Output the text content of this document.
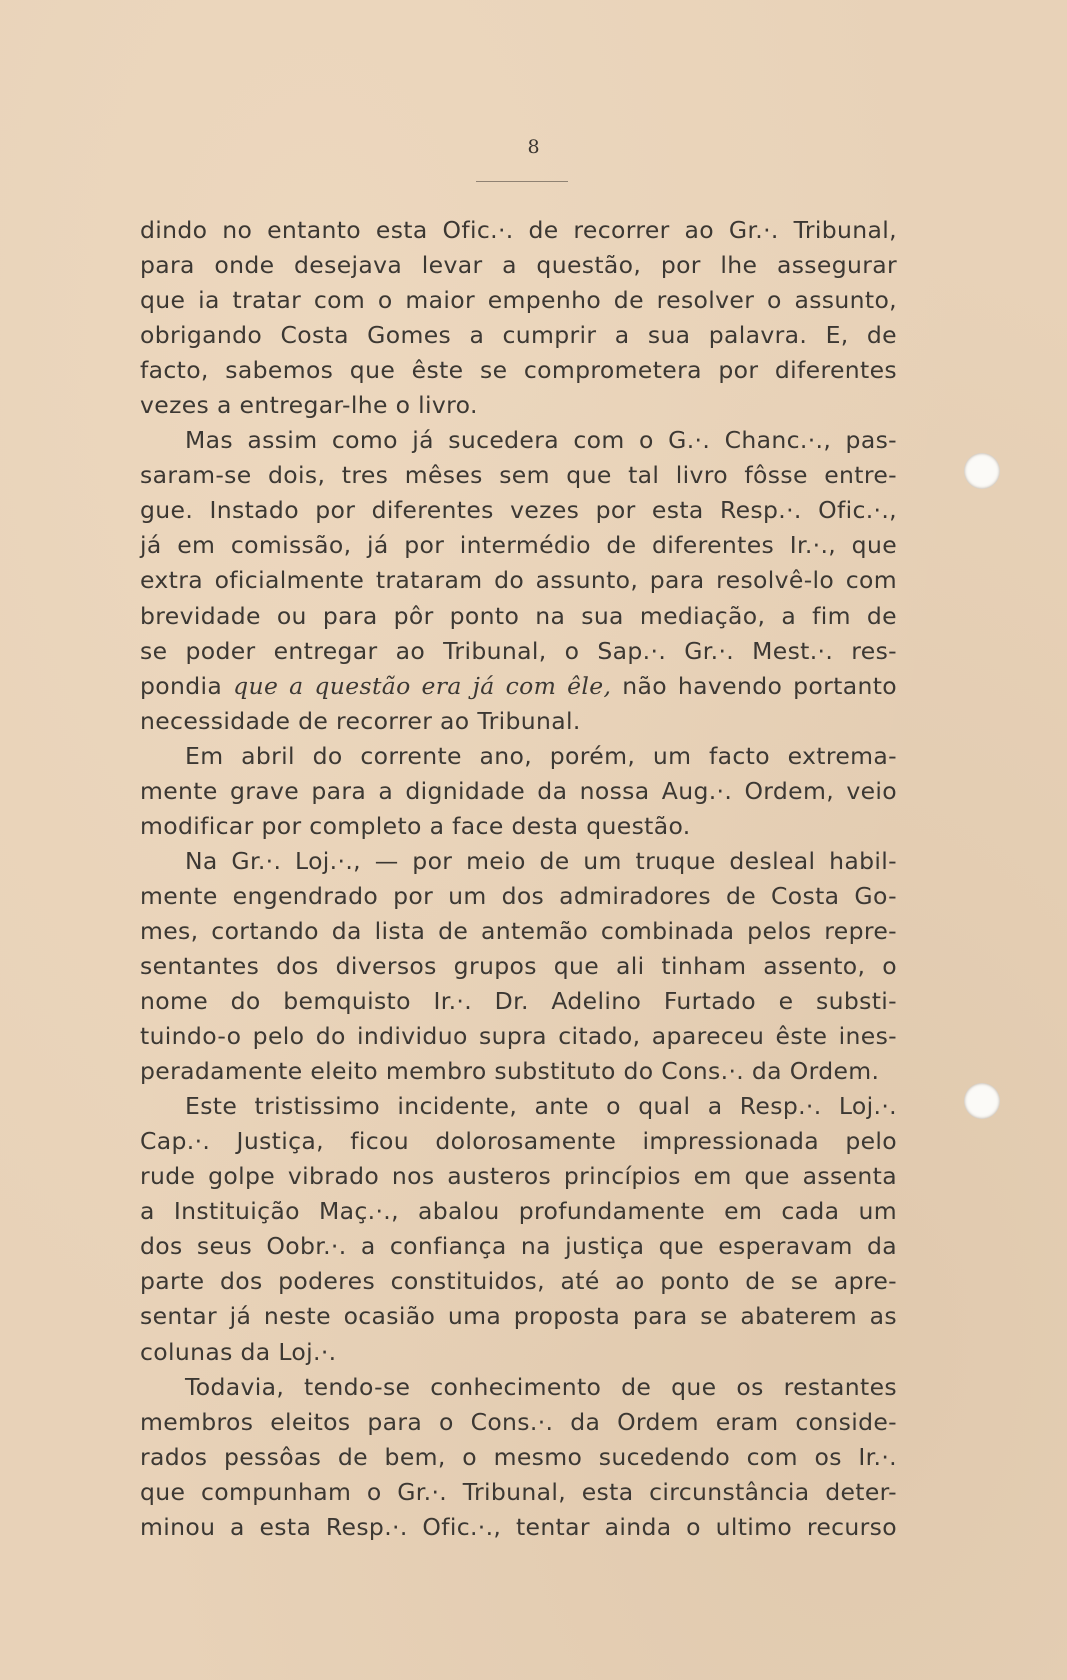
8
dindo no entanto esta Ofic.·. de recorrer ao Gr.·. Tribunal,
para onde desejava levar a questão, por lhe assegurar
que ia tratar com o maior empenho de resolver o assunto,
obrigando Costa Gomes a cumprir a sua palavra. E, de
facto, sabemos que êste se comprometera por diferentes
vezes a entregar-lhe o livro.
Mas assim como já sucedera com o G.·. Chanc.·., pas-
saram-se dois, tres mêses sem que tal livro fôsse entre-
gue. Instado por diferentes vezes por esta Resp.·. Ofic.·.,
já em comissão, já por intermédio de diferentes Ir.·., que
extra oficialmente trataram do assunto, para resolvê-lo com
brevidade ou para pôr ponto na sua mediação, a fim de
se poder entregar ao Tribunal, o Sap.·. Gr.·. Mest.·. res-
pondia que a questão era já com êle, não havendo portanto
necessidade de recorrer ao Tribunal.
Em abril do corrente ano, porém, um facto extrema-
mente grave para a dignidade da nossa Aug.·. Ordem, veio
modificar por completo a face desta questão.
Na Gr.·. Loj.·., — por meio de um truque desleal habil-
mente engendrado por um dos admiradores de Costa Go-
mes, cortando da lista de antemão combinada pelos repre-
sentantes dos diversos grupos que ali tinham assento, o
nome do bemquisto Ir.·. Dr. Adelino Furtado e substi-
tuindo-o pelo do individuo supra citado, apareceu êste ines-
peradamente eleito membro substituto do Cons.·. da Ordem.
Este tristissimo incidente, ante o qual a Resp.·. Loj.·.
Cap.·. Justiça, ficou dolorosamente impressionada pelo
rude golpe vibrado nos austeros princípios em que assenta
a Instituição Maç.·., abalou profundamente em cada um
dos seus Oobr.·. a confiança na justiça que esperavam da
parte dos poderes constituidos, até ao ponto de se apre-
sentar já neste ocasião uma proposta para se abaterem as
colunas da Loj.·.
Todavia, tendo-se conhecimento de que os restantes
membros eleitos para o Cons.·. da Ordem eram conside-
rados pessôas de bem, o mesmo sucedendo com os Ir.·.
que compunham o Gr.·. Tribunal, esta circunstância deter-
minou a esta Resp.·. Ofic.·., tentar ainda o ultimo recurso
